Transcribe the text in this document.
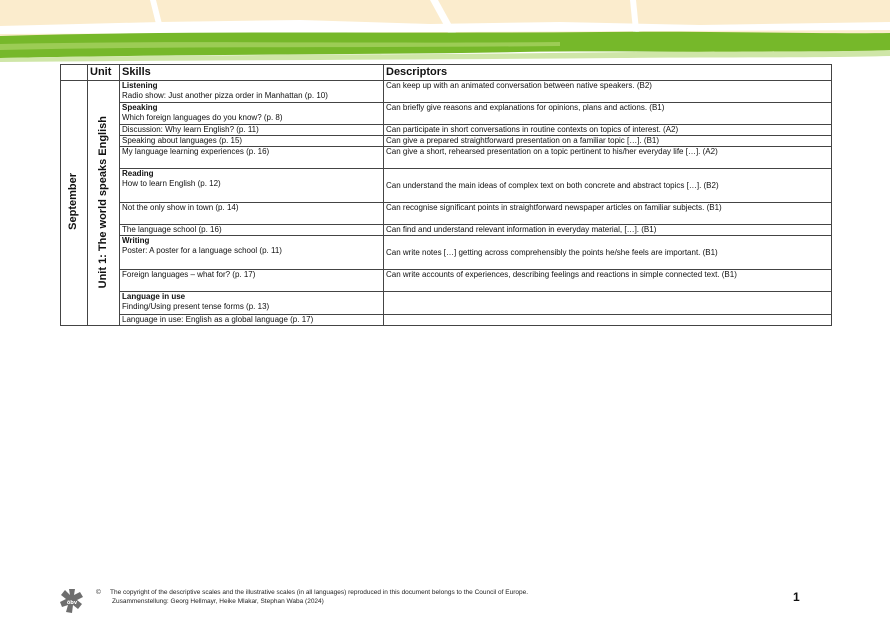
	Unit	Skills	Descriptors
September	Unit 1: The world speaks English	Listening
Radio show: Just another pizza order in Manhattan (p. 10)	Can keep up with an animated conversation between native speakers. (B2)

		Speaking
Which foreign languages do you know? (p. 8)	Can briefly give reasons and explanations for opinions, plans and actions. (B1)

		Discussion: Why learn English? (p. 11)	Can participate in short conversations in routine contexts on topics of interest. (A2)

		Speaking about languages (p. 15)	Can give a prepared straightforward presentation on a familiar topic […]. (B1)

		My language learning experiences (p. 16)	Can give a short, rehearsed presentation on a topic pertinent to his/her everyday life […]. (A2)

		Reading
How to learn English (p. 12)	Can understand the main ideas of complex text on both concrete and abstract topics […]. (B2)

		Not the only show in town (p. 14)	Can recognise significant points in straightforward newspaper articles on familiar subjects. (B1)

		The language school (p. 16)	Can find and understand relevant information in everyday material, […]. (B1)

		Writing
Poster: A poster for a language school (p. 11)	Can write notes […] getting across comprehensibly the points he/she feels are important. (B1)

		Foreign languages – what for? (p. 17)	Can write accounts of experiences, describing feelings and reactions in simple connected text. (B1)

		Language in use
Finding/Using present tense forms (p. 13)	

		Language in use: English as a global language (p. 17)	

öbv
© The copyright of the descriptive scales and the illustrative scales (in all languages) reproduced in this document belongs to the Council of Europe.
Zusammenstellung: Georg Hellmayr, Heike Mlakar, Stephan Waba (2024)	1
